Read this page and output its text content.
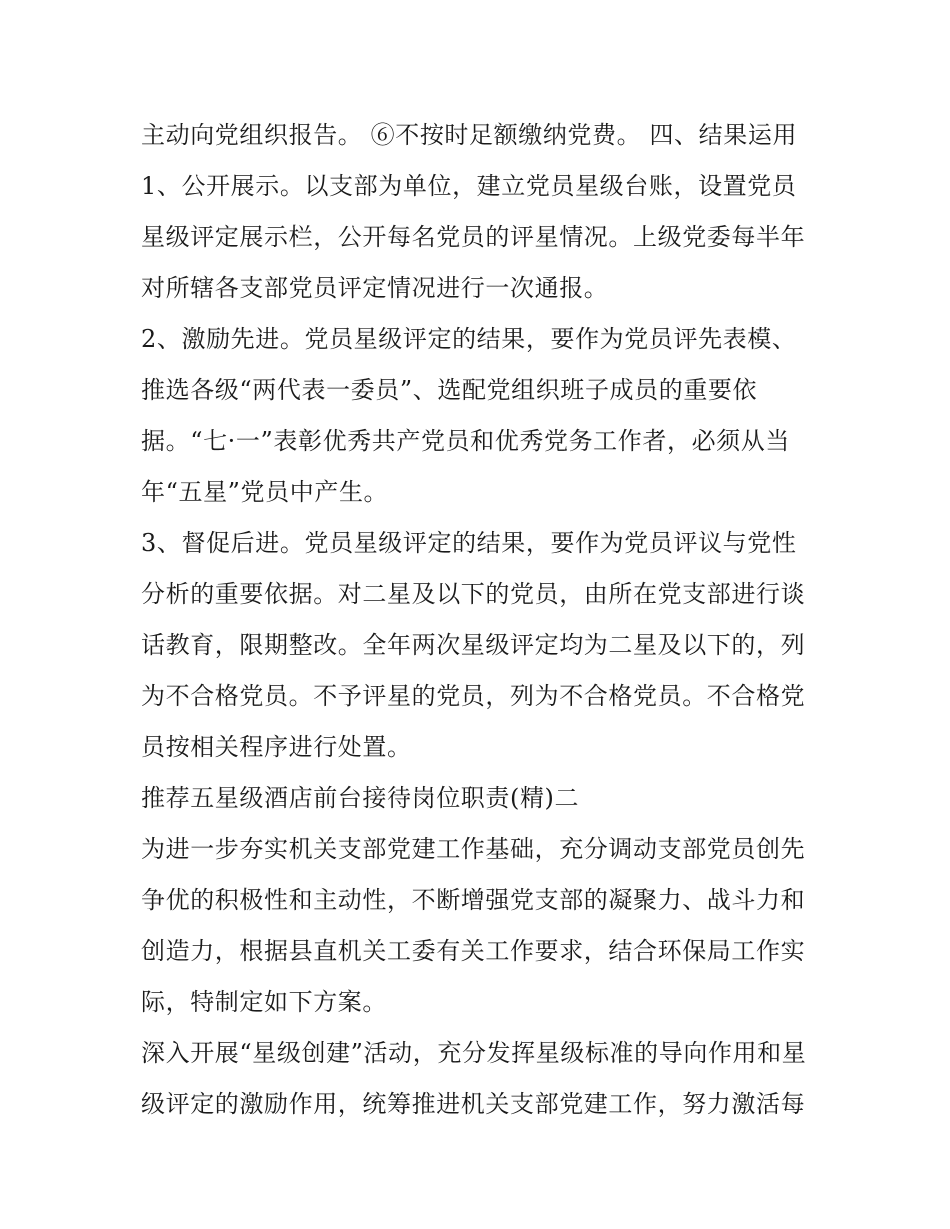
主动向党组织报告。 ⑥不按时足额缴纳党费。 四、结果运用
1、公开展示。以支部为单位，建立党员星级台账，设置党员
星级评定展示栏，公开每名党员的评星情况。上级党委每半年
对所辖各支部党员评定情况进行一次通报。
2、激励先进。党员星级评定的结果，要作为党员评先表模、
推选各级“两代表一委员”、选配党组织班子成员的重要依
据。“七·一”表彰优秀共产党员和优秀党务工作者，必须从当
年“五星”党员中产生。
3、督促后进。党员星级评定的结果，要作为党员评议与党性
分析的重要依据。对二星及以下的党员，由所在党支部进行谈
话教育，限期整改。全年两次星级评定均为二星及以下的，列
为不合格党员。不予评星的党员，列为不合格党员。不合格党
员按相关程序进行处置。
推荐五星级酒店前台接待岗位职责(精)二
为进一步夯实机关支部党建工作基础，充分调动支部党员创先
争优的积极性和主动性，不断增强党支部的凝聚力、战斗力和
创造力，根据县直机关工委有关工作要求，结合环保局工作实
际，特制定如下方案。
深入开展“星级创建”活动，充分发挥星级标准的导向作用和星
级评定的激励作用，统筹推进机关支部党建工作，努力激活每
